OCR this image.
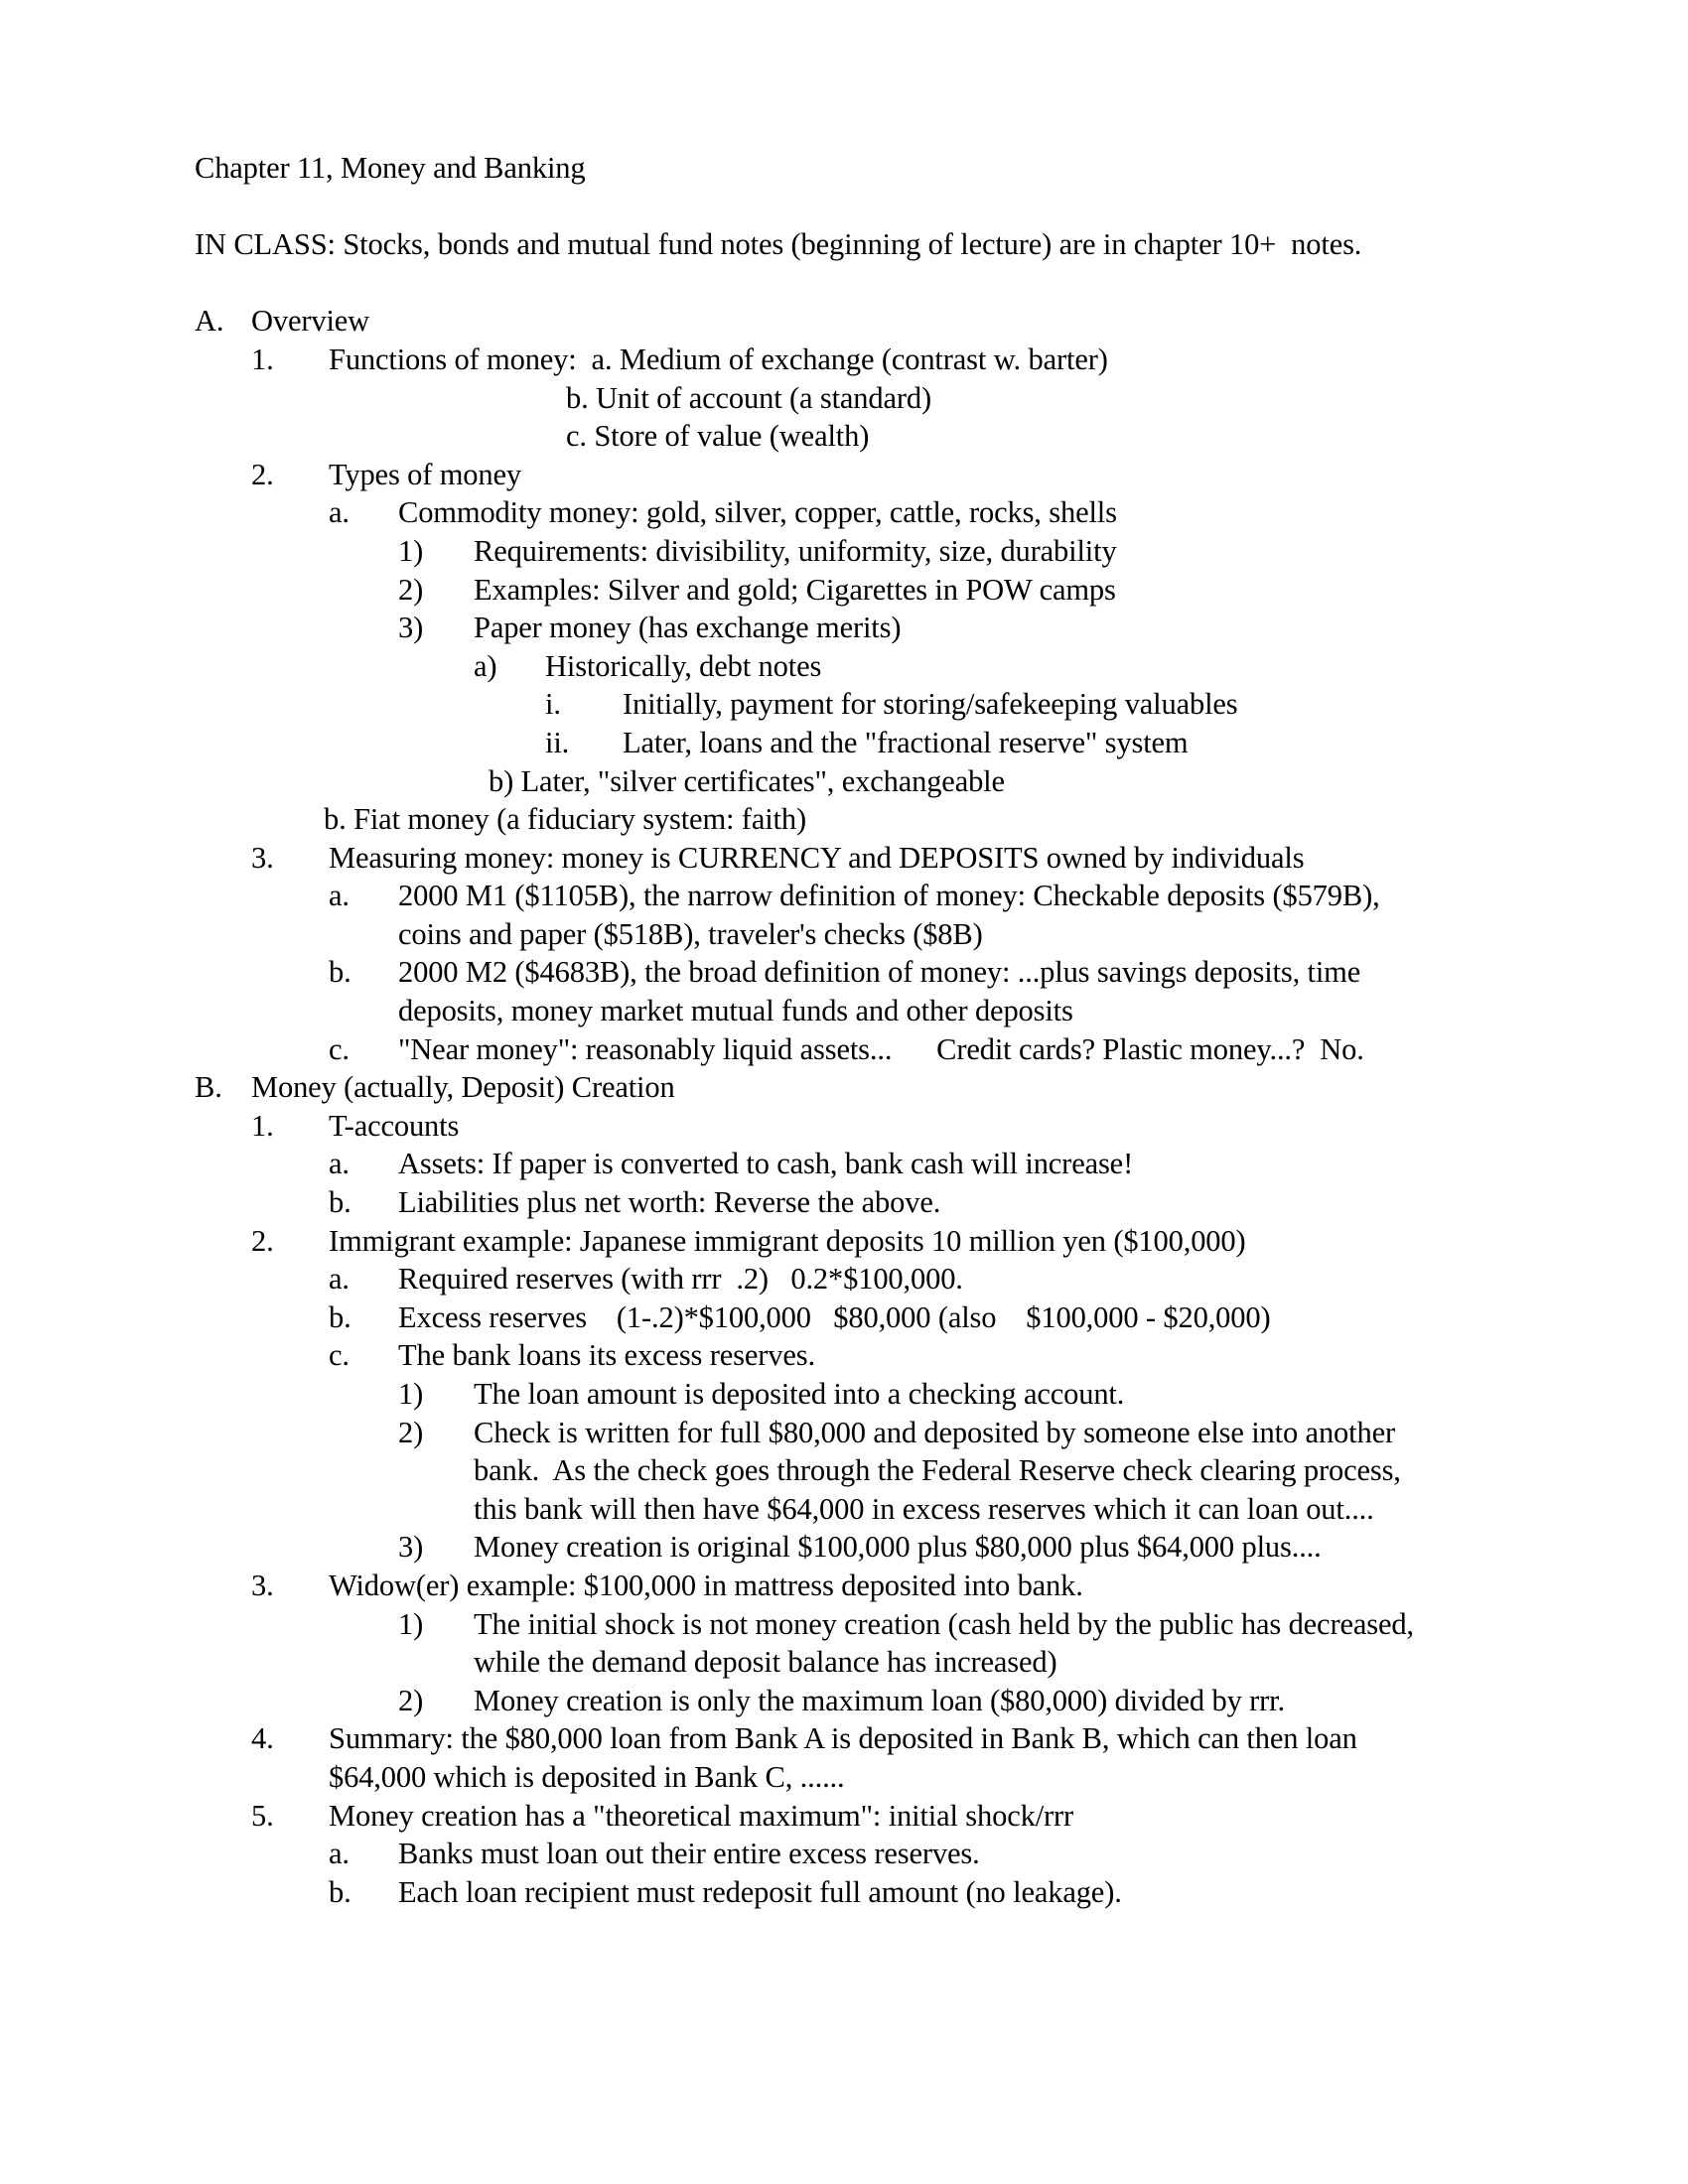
Chapter 11, Money and Banking
IN CLASS: Stocks, bonds and mutual fund notes (beginning of lecture) are in chapter 10+  notes.
A. Overview
1.	Functions of money:  a. Medium of exchange (contrast w. barter)
b. Unit of account (a standard)
c. Store of value (wealth)
2.	Types of money
a.	Commodity money: gold, silver, copper, cattle, rocks, shells
1)	Requirements: divisibility, uniformity, size, durability
2)	Examples: Silver and gold; Cigarettes in POW camps
3)	Paper money (has exchange merits)
a)	Historically, debt notes
i.	Initially, payment for storing/safekeeping valuables
ii.	Later, loans and the "fractional reserve" system
b) Later, "silver certificates", exchangeable
b. Fiat money (a fiduciary system: faith)
3.	Measuring money: money is CURRENCY and DEPOSITS owned by individuals
a.	2000 M1 ($1105B), the narrow definition of money: Checkable deposits ($579B),
coins and paper ($518B), traveler's checks ($8B)
b.	2000 M2 ($4683B), the broad definition of money: ...plus savings deposits, time
deposits, money market mutual funds and other deposits
c.	"Near money": reasonably liquid assets...      Credit cards? Plastic money...?  No.
B. Money (actually, Deposit) Creation
1.	T-accounts
a.	Assets: If paper is converted to cash, bank cash will increase!
b.	Liabilities plus net worth: Reverse the above.
2.	Immigrant example: Japanese immigrant deposits 10 million yen ($100,000)
a.	Required reserves (with rrr  .2)   0.2*$100,000.
b.	Excess reserves    (1-.2)*$100,000   $80,000 (also    $100,000 - $20,000)
c.	The bank loans its excess reserves.
1)	The loan amount is deposited into a checking account.
2)	Check is written for full $80,000 and deposited by someone else into another
bank.  As the check goes through the Federal Reserve check clearing process,
this bank will then have $64,000 in excess reserves which it can loan out....
3)	Money creation is original $100,000 plus $80,000 plus $64,000 plus....
3.	Widow(er) example: $100,000 in mattress deposited into bank.
1)	The initial shock is not money creation (cash held by the public has decreased,
while the demand deposit balance has increased)
2)	Money creation is only the maximum loan ($80,000) divided by rrr.
4.	Summary: the $80,000 loan from Bank A is deposited in Bank B, which can then loan
$64,000 which is deposited in Bank C, ......
5.	Money creation has a "theoretical maximum": initial shock/rrr
a.	Banks must loan out their entire excess reserves.
b.	Each loan recipient must redeposit full amount (no leakage).
